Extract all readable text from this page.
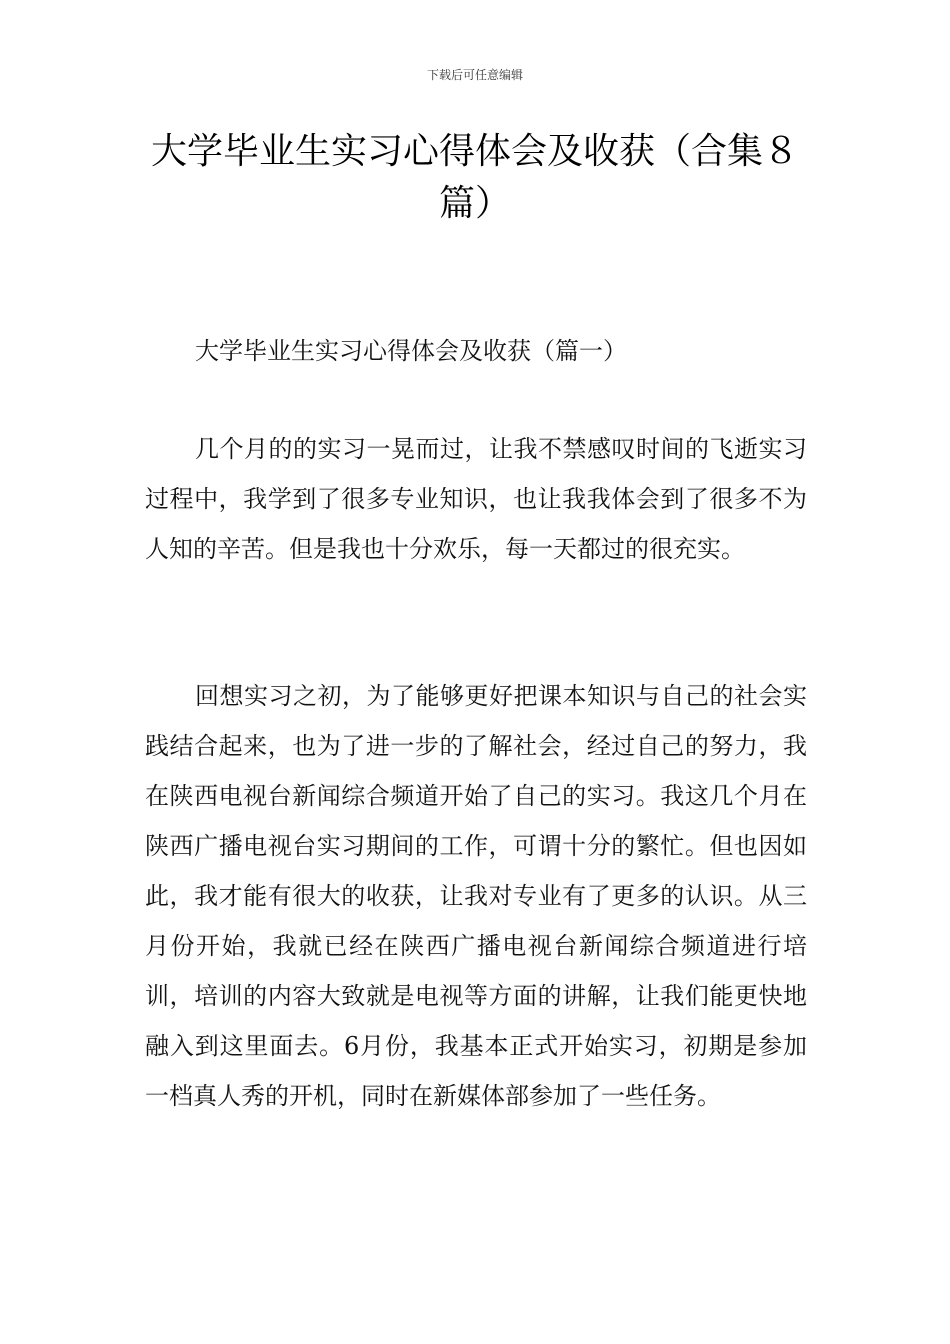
下载后可任意编辑
大学毕业生实习心得体会及收获（合集８篇）
大学毕业生实习心得体会及收获（篇一）

几个月的的实习一晃而过，让我不禁感叹时间的飞逝实习过程中，我学到了很多专业知识，也让我我体会到了很多不为人知的辛苦。但是我也十分欢乐，每一天都过的很充实。

回想实习之初，为了能够更好把课本知识与自己的社会实践结合起来，也为了进一步的了解社会，经过自己的努力，我在陕西电视台新闻综合频道开始了自己的实习。我这几个月在陕西广播电视台实习期间的工作，可谓十分的繁忙。但也因如此，我才能有很大的收获，让我对专业有了更多的认识。从三月份开始，我就已经在陕西广播电视台新闻综合频道进行培训，培训的内容大致就是电视等方面的讲解，让我们能更快地融入到这里面去。6月份，我基本正式开始实习，初期是参加一档真人秀的开机，同时在新媒体部参加了一些任务。
